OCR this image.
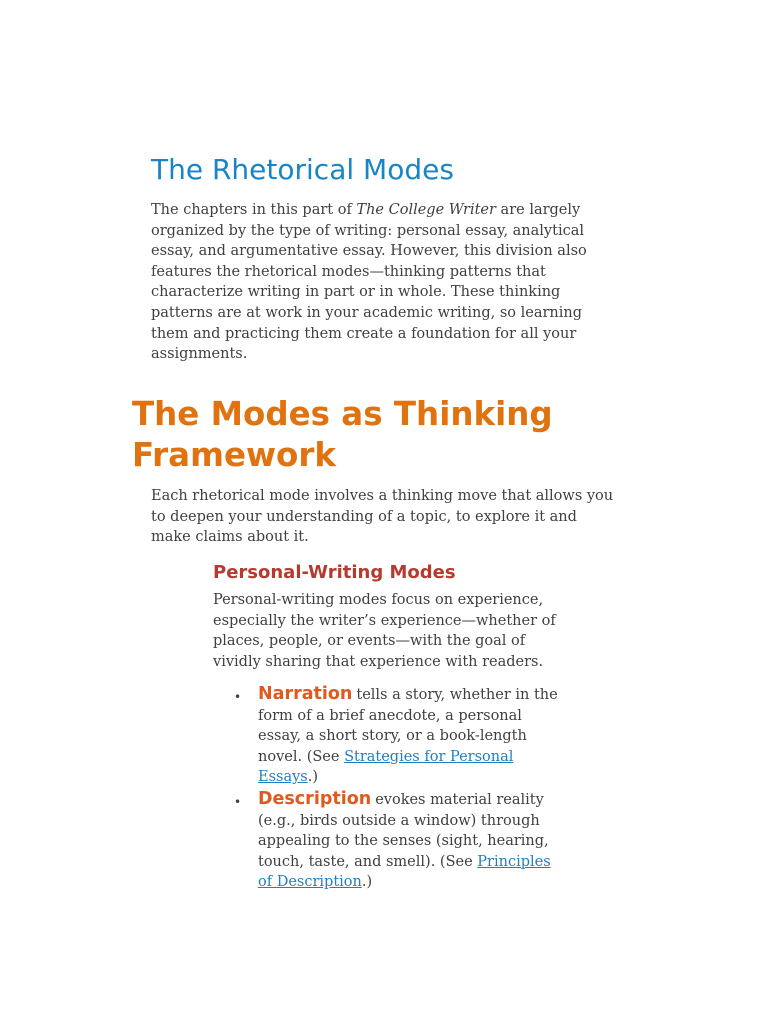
The Rhetorical Modes

The chapters in this part of The College Writer are largely organized by the type of writing: personal essay, analytical essay, and argumentative essay. However, this division also features the rhetorical modes—thinking patterns that characterize writing in part or in whole. These thinking patterns are at work in your academic writing, so learning them and practicing them create a foundation for all your assignments.

The Modes as Thinking
Framework

Each rhetorical mode involves a thinking move that allows you to deepen your understanding of a topic, to explore it and make claims about it.

Personal-Writing Modes

Personal-writing modes focus on experience, especially the writer’s experience—whether of places, people, or events—with the goal of vividly sharing that experience with readers.

• Narration tells a story, whether in the form of a brief anecdote, a personal essay, a short story, or a book-length novel. (See Strategies for Personal Essays.)
• Description evokes material reality (e.g., birds outside a window) through appealing to the senses (sight, hearing, touch, taste, and smell). (See Principles of Description.)
